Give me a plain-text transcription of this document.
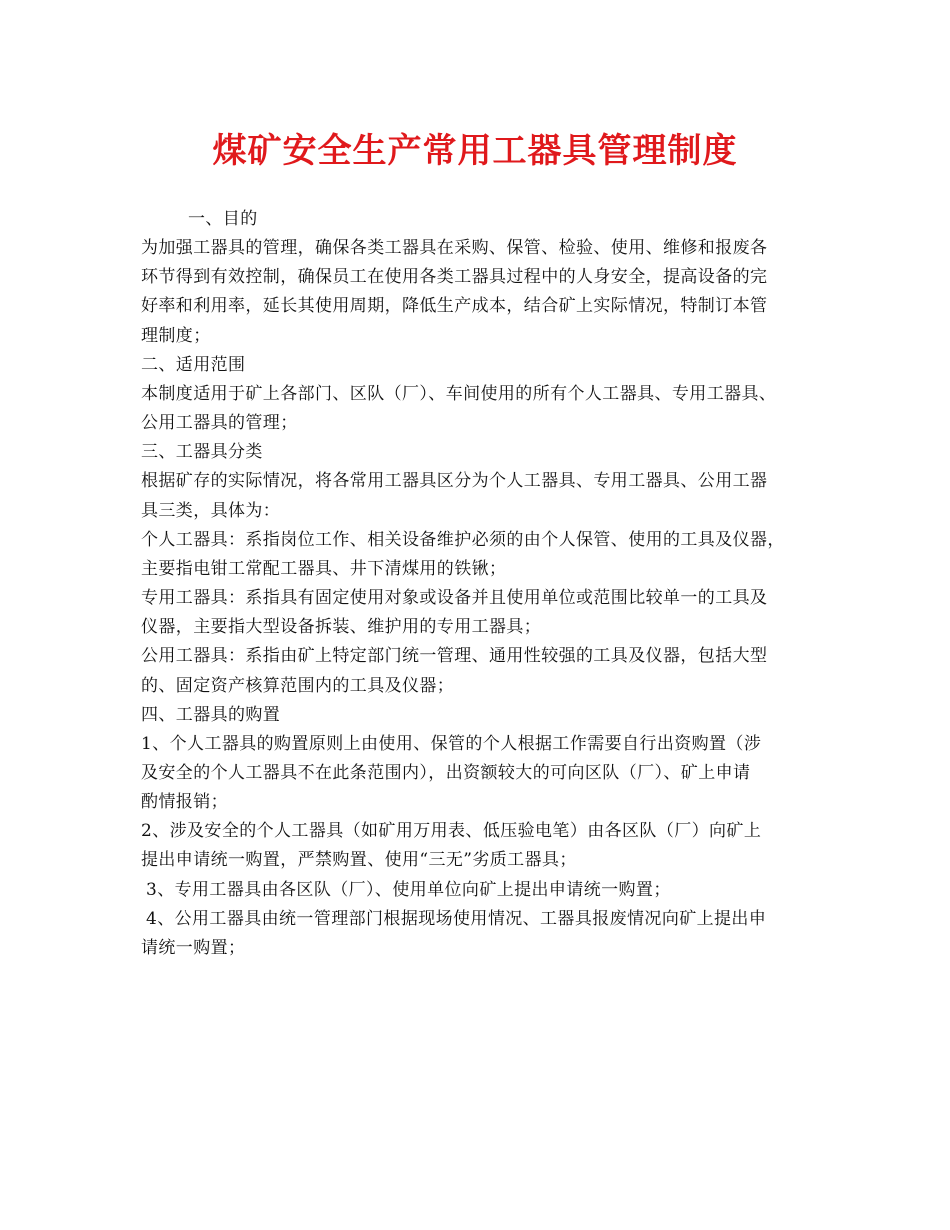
煤矿安全生产常用工器具管理制度
一、目的
为加强工器具的管理，确保各类工器具在采购、保管、检验、使用、维修和报废各
环节得到有效控制，确保员工在使用各类工器具过程中的人身安全，提高设备的完
好率和利用率，延长其使用周期，降低生产成本，结合矿上实际情况，特制订本管
理制度；
二、适用范围
本制度适用于矿上各部门、区队（厂）、车间使用的所有个人工器具、专用工器具、
公用工器具的管理；
三、工器具分类
根据矿存的实际情况，将各常用工器具区分为个人工器具、专用工器具、公用工器
具三类，具体为：
个人工器具：系指岗位工作、相关设备维护必须的由个人保管、使用的工具及仪器，
主要指电钳工常配工器具、井下清煤用的铁锹；
专用工器具：系指具有固定使用对象或设备并且使用单位或范围比较单一的工具及
仪器，主要指大型设备拆装、维护用的专用工器具；
公用工器具：系指由矿上特定部门统一管理、通用性较强的工具及仪器，包括大型
的、固定资产核算范围内的工具及仪器；
四、工器具的购置
1、个人工器具的购置原则上由使用、保管的个人根据工作需要自行出资购置（涉
及安全的个人工器具不在此条范围内），出资额较大的可向区队（厂）、矿上申请
酌情报销；
2、涉及安全的个人工器具（如矿用万用表、低压验电笔）由各区队（厂）向矿上
提出申请统一购置，严禁购置、使用“三无”劣质工器具；
3、专用工器具由各区队（厂）、使用单位向矿上提出申请统一购置；
4、公用工器具由统一管理部门根据现场使用情况、工器具报废情况向矿上提出申
请统一购置；
